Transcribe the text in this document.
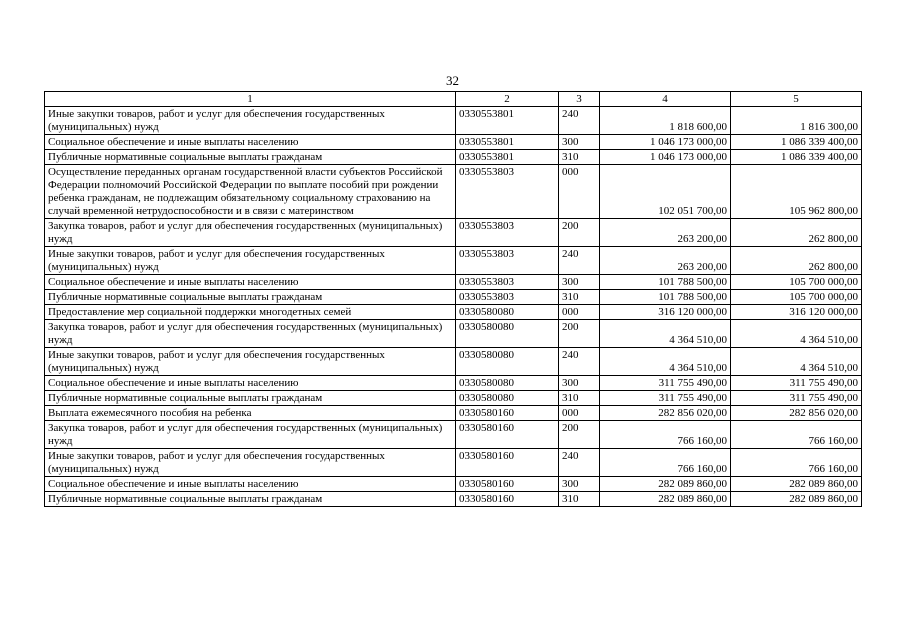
32
1	2	3	4	5
Иные закупки товаров, работ и услуг для обеспечения государственных (муниципальных) нужд	0330553801	240	1 818 600,00	1 816 300,00
Социальное обеспечение и иные выплаты населению	0330553801	300	1 046 173 000,00	1 086 339 400,00
Публичные нормативные социальные выплаты гражданам	0330553801	310	1 046 173 000,00	1 086 339 400,00
Осуществление переданных органам государственной власти субъектов Российской Федерации полномочий Российской Федерации по выплате пособий при рождении ребенка гражданам, не подлежащим обязательному социальному страхованию на случай временной нетрудоспособности и в связи с материнством	0330553803	000	102 051 700,00	105 962 800,00
Закупка товаров, работ и услуг для обеспечения государственных (муниципальных) нужд	0330553803	200	263 200,00	262 800,00
Иные закупки товаров, работ и услуг для обеспечения государственных (муниципальных) нужд	0330553803	240	263 200,00	262 800,00
Социальное обеспечение и иные выплаты населению	0330553803	300	101 788 500,00	105 700 000,00
Публичные нормативные социальные выплаты гражданам	0330553803	310	101 788 500,00	105 700 000,00
Предоставление мер социальной поддержки многодетных семей	0330580080	000	316 120 000,00	316 120 000,00
Закупка товаров, работ и услуг для обеспечения государственных (муниципальных) нужд	0330580080	200	4 364 510,00	4 364 510,00
Иные закупки товаров, работ и услуг для обеспечения государственных (муниципальных) нужд	0330580080	240	4 364 510,00	4 364 510,00
Социальное обеспечение и иные выплаты населению	0330580080	300	311 755 490,00	311 755 490,00
Публичные нормативные социальные выплаты гражданам	0330580080	310	311 755 490,00	311 755 490,00
Выплата ежемесячного пособия на ребенка	0330580160	000	282 856 020,00	282 856 020,00
Закупка товаров, работ и услуг для обеспечения государственных (муниципальных) нужд	0330580160	200	766 160,00	766 160,00
Иные закупки товаров, работ и услуг для обеспечения государственных (муниципальных) нужд	0330580160	240	766 160,00	766 160,00
Социальное обеспечение и иные выплаты населению	0330580160	300	282 089 860,00	282 089 860,00
Публичные нормативные социальные выплаты гражданам	0330580160	310	282 089 860,00	282 089 860,00
